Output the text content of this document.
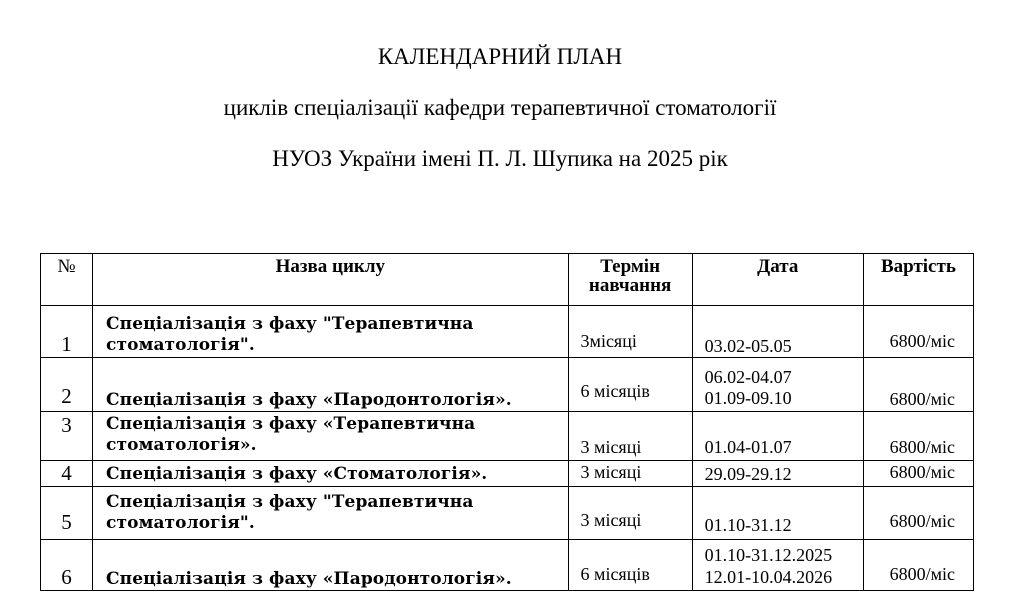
КАЛЕНДАРНИЙ ПЛАН
циклів спеціалізації кафедри терапевтичної стоматології
НУОЗ України імені П. Л. Шупика на 2025 рік
№	Назва циклу	Термін
навчання	Дата	Вартість

1	Спеціалізація з фаху "Терапевтична
стоматологія".	3місяці	03.02-05.05	6800/міс

2	Спеціалізація з фаху «Пародонтологія».	6 місяців	06.02-04.07
01.09-09.10	6800/міс

3	Спеціалізація з фаху «Терапевтична
стоматологія».	3 місяці	01.04-01.07	6800/міс

4	Спеціалізація з фаху «Стоматологія».	3 місяці	29.09-29.12	6800/міс

5	Спеціалізація з фаху "Терапевтична
стоматологія".	3 місяці	01.10-31.12	6800/міс

6	Спеціалізація з фаху «Пародонтологія».	6 місяців	01.10-31.12.2025
12.01-10.04.2026	6800/міс
